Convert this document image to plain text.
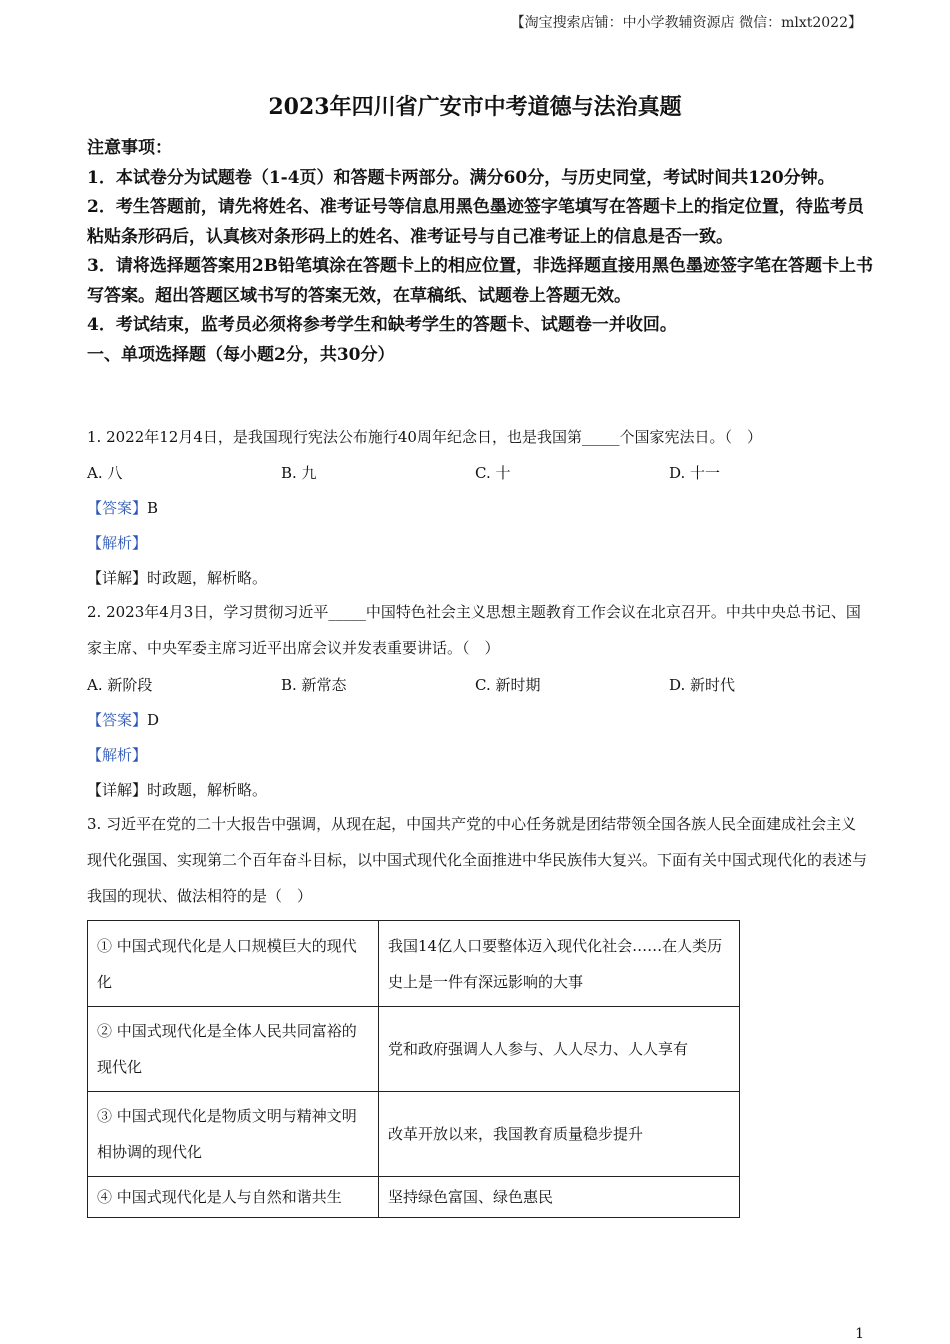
【淘宝搜索店铺：中小学教辅资源店 微信：mlxt2022】
2023年四川省广安市中考道德与法治真题
注意事项：
1．本试卷分为试题卷（1-4页）和答题卡两部分。满分60分，与历史同堂，考试时间共120分钟。
2．考生答题前，请先将姓名、准考证号等信息用黑色墨迹签字笔填写在答题卡上的指定位置，待监考员粘贴条形码后，认真核对条形码上的姓名、准考证号与自己准考证上的信息是否一致。
3．请将选择题答案用2B铅笔填涂在答题卡上的相应位置，非选择题直接用黑色墨迹签字笔在答题卡上书写答案。超出答题区域书写的答案无效，在草稿纸、试题卷上答题无效。
4．考试结束，监考员必须将参考学生和缺考学生的答题卡、试题卷一并收回。
一、单项选择题（每小题2分，共30分）
1. 2022年12月4日，是我国现行宪法公布施行40周年纪念日，也是我国第_____个国家宪法日。（　）
A. 八	B. 九	C. 十	D. 十一
【答案】B
【解析】
【详解】时政题，解析略。
2. 2023年4月3日，学习贯彻习近平_____中国特色社会主义思想主题教育工作会议在北京召开。中共中央总书记、国家主席、中央军委主席习近平出席会议并发表重要讲话。（　）
A. 新阶段	B. 新常态	C. 新时期	D. 新时代
【答案】D
【解析】
【详解】时政题，解析略。
3. 习近平在党的二十大报告中强调，从现在起，中国共产党的中心任务就是团结带领全国各族人民全面建成社会主义现代化强国、实现第二个百年奋斗目标，以中国式现代化全面推进中华民族伟大复兴。下面有关中国式现代化的表述与我国的现状、做法相符的是（　）
① 中国式现代化是人口规模巨大的现代化	我国14亿人口要整体迈入现代化社会……在人类历史上是一件有深远影响的大事
② 中国式现代化是全体人民共同富裕的现代化	党和政府强调人人参与、人人尽力、人人享有
③ 中国式现代化是物质文明与精神文明相协调的现代化	改革开放以来，我国教育质量稳步提升
④ 中国式现代化是人与自然和谐共生	坚持绿色富国、绿色惠民
1
